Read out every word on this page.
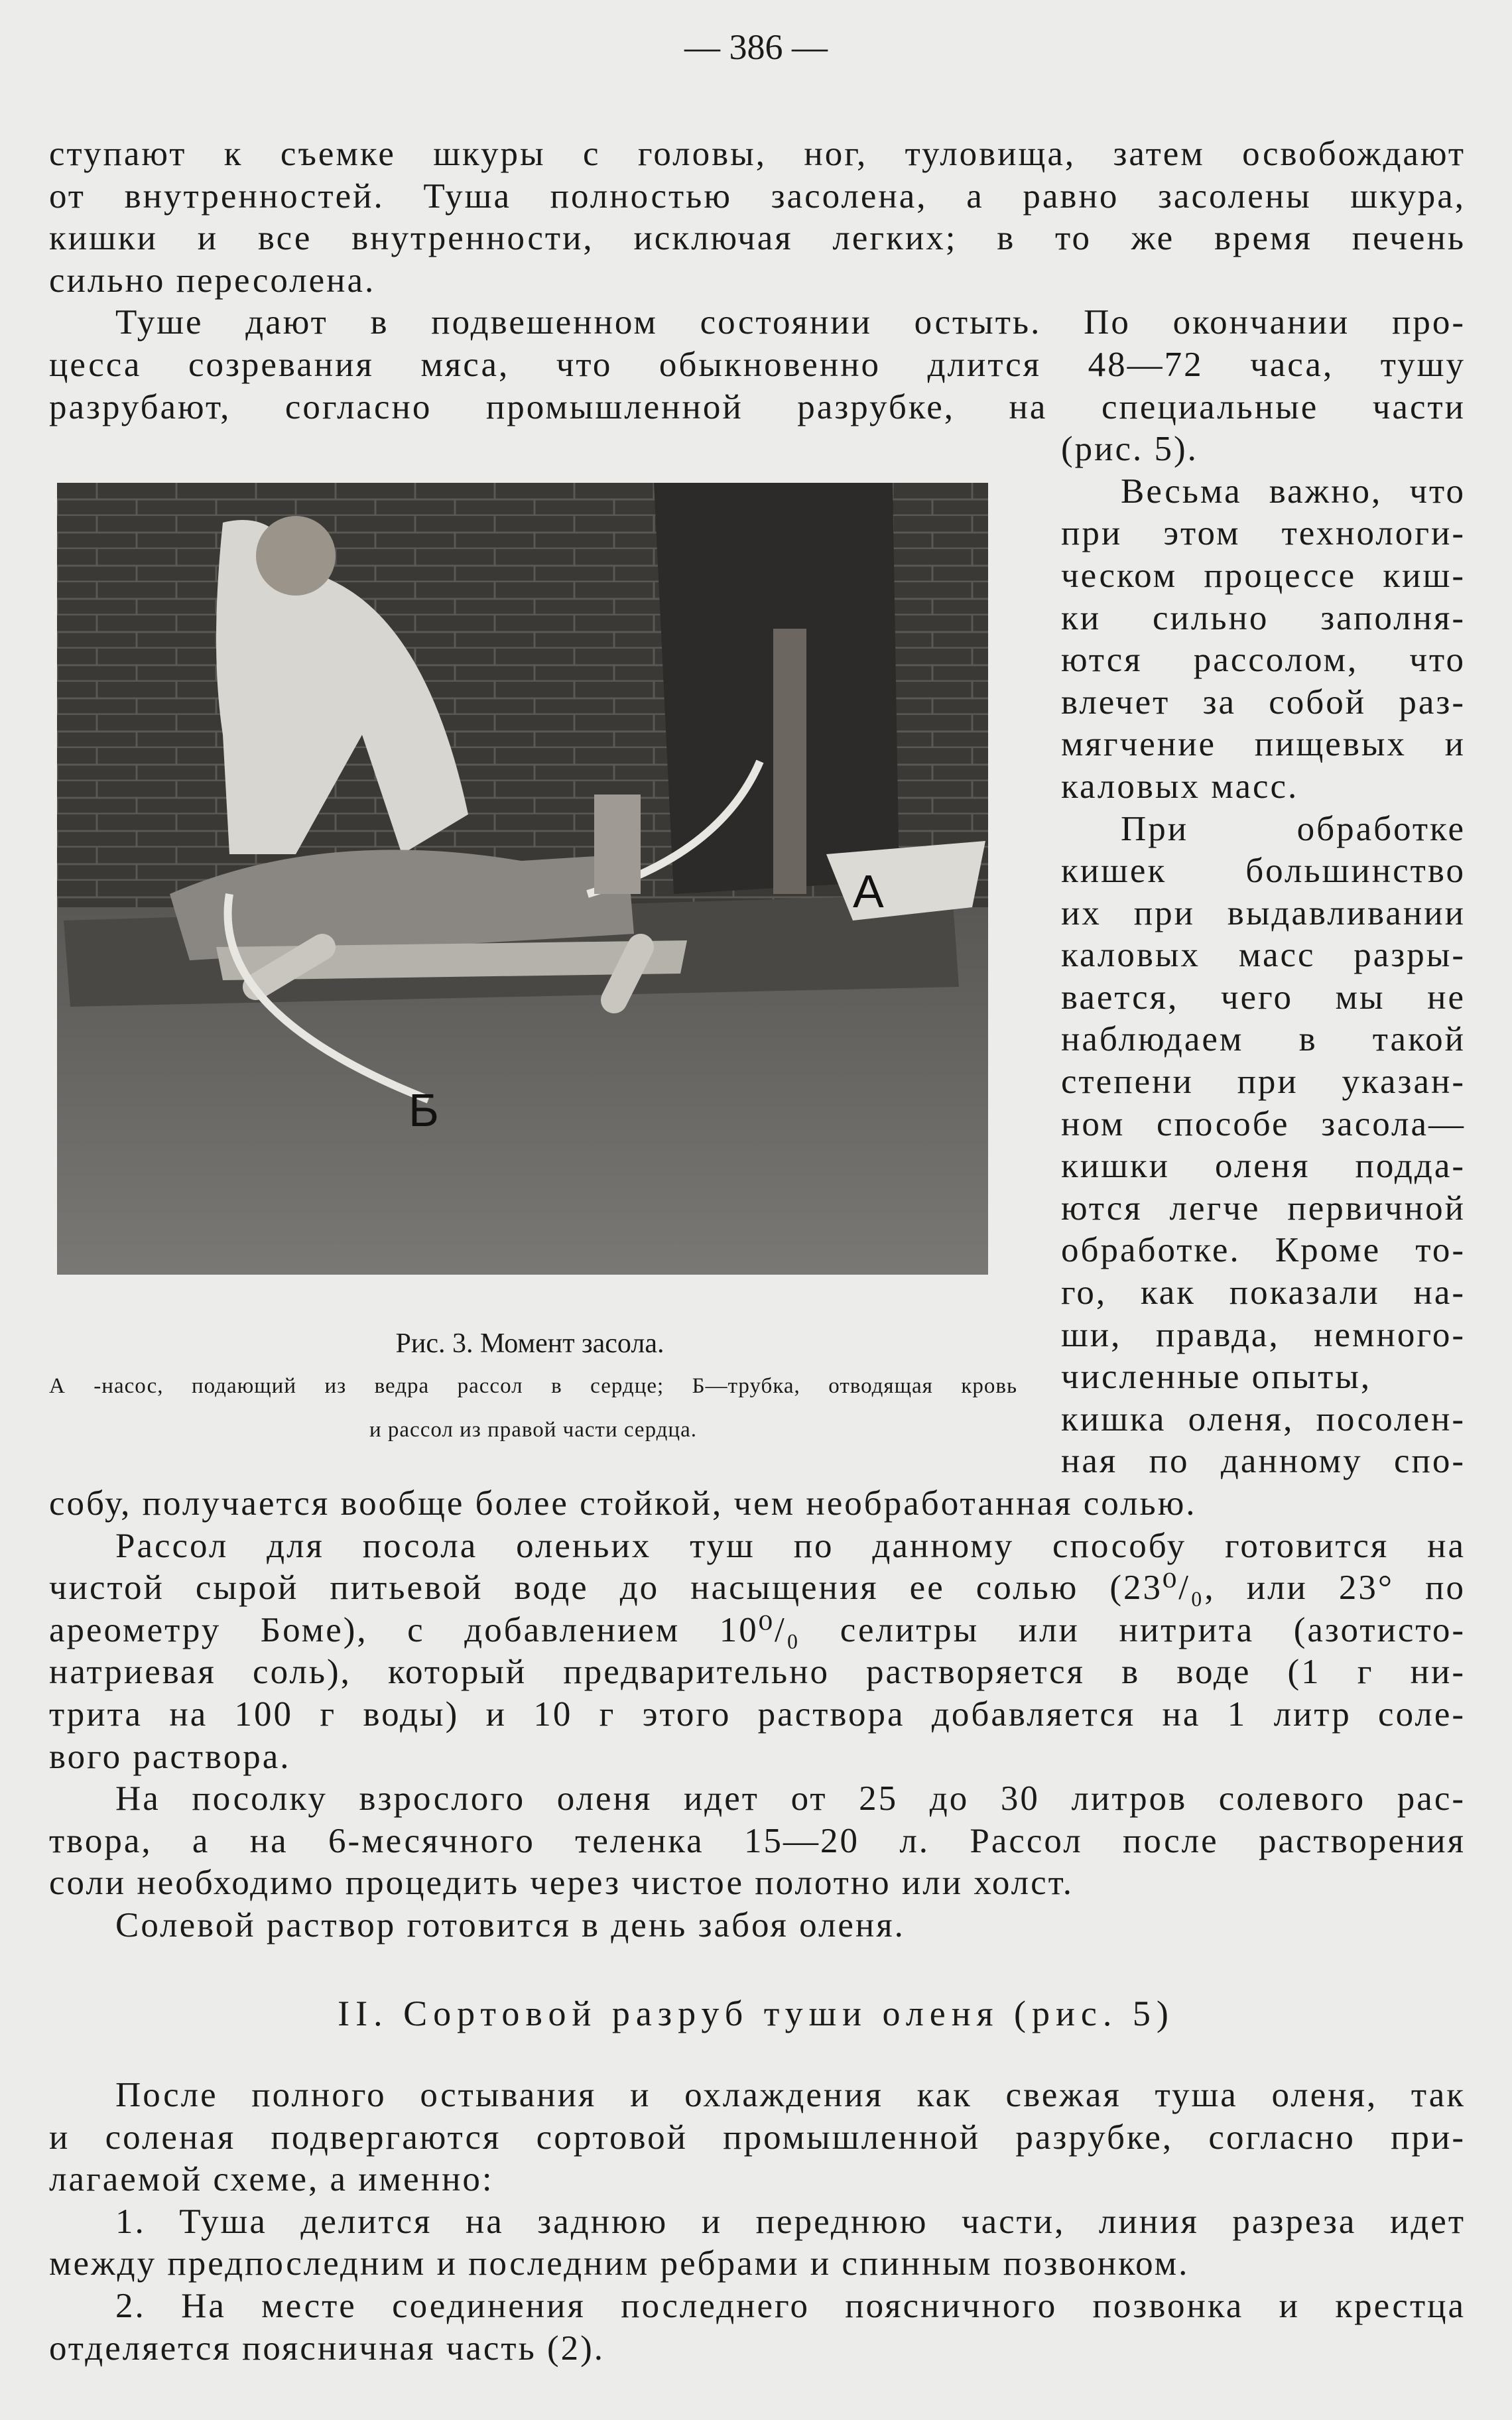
— 386 —
ступают к съемке шкуры с головы, ног, туловища, затем освобождают
от внутренностей. Туша полностью засолена, а равно засолены шкура,
кишки и все внутренности, исключая легких; в то же время печень
сильно пересолена.
Туше дают в подвешенном состоянии остыть. По окончании про-
цесса созревания мяса, что обыкновенно длится 48—72 часа, тушу
разрубают, согласно промышленной разрубке, на специальные части
(рис. 5).
Весьма важно, что
при этом технологи-
ческом процессе киш-
ки сильно заполня-
ются рассолом, что
влечет за собой раз-
мягчение пищевых и
каловых масс.
При обработке
кишек большинство
их при выдавливании
каловых масс разры-
вается, чего мы не
наблюдаем в такой
степени при указан-
ном способе засола—
кишки оленя подда-
ются легче первичной
обработке. Кроме то-
го, как показали на-
ши, правда, немного-
численные опыты,
кишка оленя, посолен-
ная по данному спо-
собу, получается вообще более стойкой, чем необработанная солью.
Рассол для посола оленьих туш по данному способу готовится на
чистой сырой питьевой воде до насыщения ее солью (23⁰/₀, или 23° по
ареометру Боме), с добавлением 10⁰/₀ селитры или нитрита (азотисто-
натриевая соль), который предварительно растворяется в воде (1 г ни-
трита на 100 г воды) и 10 г этого раствора добавляется на 1 литр соле-
вого раствора.
На посолку взрослого оленя идет от 25 до 30 литров солевого рас-
твора, а на 6-месячного теленка 15—20 л. Рассол после растворения
соли необходимо процедить через чистое полотно или холст.
Солевой раствор готовится в день забоя оленя.
А
Б
Рис. 3. Момент засола.
А -насос, подающий из ведра рассол в сердце; Б—трубка, отводящая кровь
и рассол из правой части сердца.
II. Сортовой разруб туши оленя (рис. 5)
После полного остывания и охлаждения как свежая туша оленя, так
и соленая подвергаются сортовой промышленной разрубке, согласно при-
лагаемой схеме, а именно:
1. Туша делится на заднюю и переднюю части, линия разреза идет
между предпоследним и последним ребрами и спинным позвонком.
2. На месте соединения последнего поясничного позвонка и крестца
отделяется поясничная часть (2).
